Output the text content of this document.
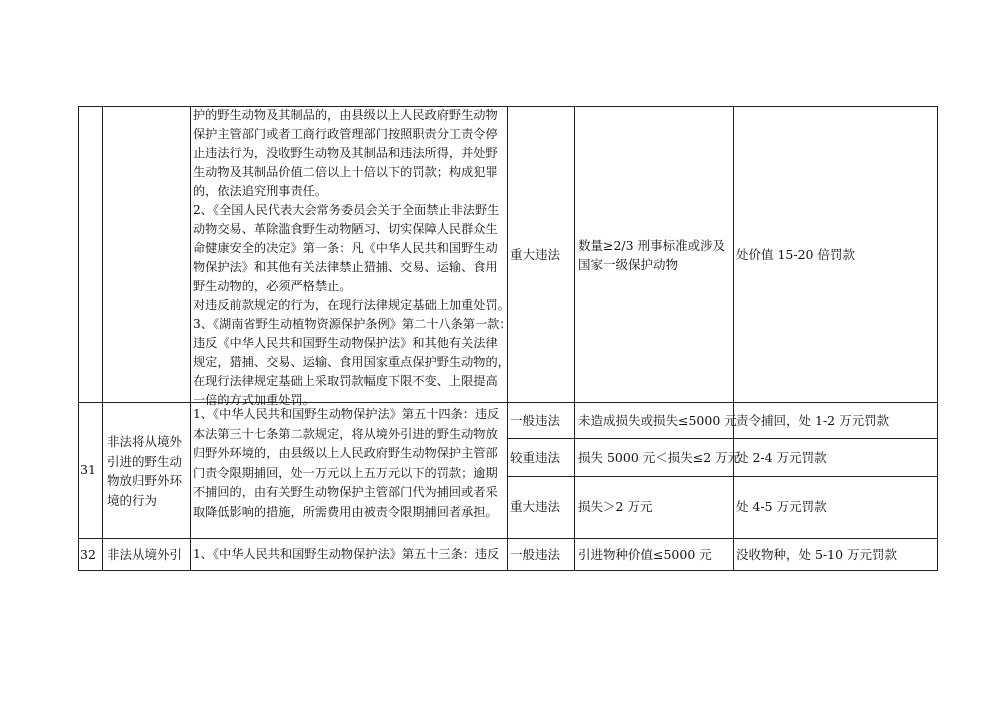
护的野生动物及其制品的，由县级以上人民政府野生动物
保护主管部门或者工商行政管理部门按照职责分工责令停
止违法行为，没收野生动物及其制品和违法所得，并处野
生动物及其制品价值二倍以上十倍以下的罚款；构成犯罪
的，依法追究刑事责任。
2、《全国人民代表大会常务委员会关于全面禁止非法野生
动物交易、革除滥食野生动物陋习、切实保障人民群众生
命健康安全的决定》第一条：凡《中华人民共和国野生动
物保护法》和其他有关法律禁止猎捕、交易、运输、食用
野生动物的，必须严格禁止。
对违反前款规定的行为，在现行法律规定基础上加重处罚。
3、《湖南省野生动植物资源保护条例》第二十八条第一款：
违反《中华人民共和国野生动物保护法》和其他有关法律
规定，猎捕、交易、运输、食用国家重点保护野生动物的，
在现行法律规定基础上采取罚款幅度下限不变、上限提高
一倍的方式加重处罚。
重大违法
数量≥2/3 刑事标准或涉及
国家一级保护动物
处价值 15-20 倍罚款
31
非法将从境外
引进的野生动
物放归野外环
境的行为
1、《中华人民共和国野生动物保护法》第五十四条：违反
本法第三十七条第二款规定，将从境外引进的野生动物放
归野外环境的，由县级以上人民政府野生动物保护主管部
门责令限期捕回，处一万元以上五万元以下的罚款；逾期
不捕回的，由有关野生动物保护主管部门代为捕回或者采
取降低影响的措施，所需费用由被责令限期捕回者承担。
一般违法 未造成损失或损失≤5000 元 责令捕回，处 1-2 万元罚款
较重违法 损失 5000 元＜损失≤2 万元
处 2-4 万元罚款
重大违法 损失＞2 万元	处 4-5 万元罚款
32 非法从境外引 1、《中华人民共和国野生动物保护法》第五十三条：违反 一般违法 引进物种价值≤5000 元 没收物种，处 5-10 万元罚款
